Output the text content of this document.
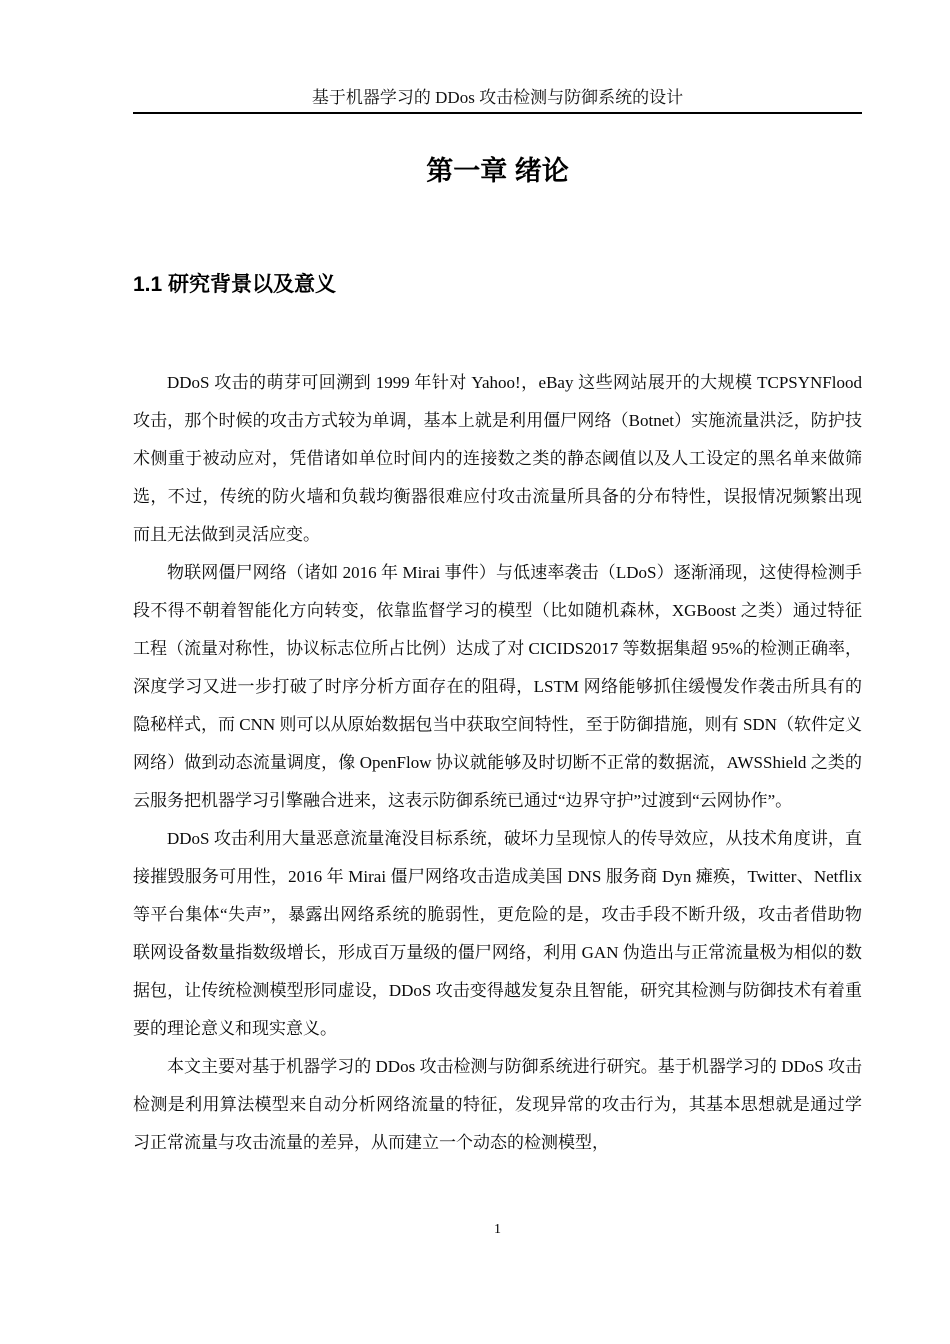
基于机器学习的 DDos 攻击检测与防御系统的设计
第一章 绪论
1.1 研究背景以及意义

DDoS 攻击的萌芽可回溯到 1999 年针对 Yahoo!，eBay 这些网站展开的大规模 TCPSYNFlood 攻击，那个时候的攻击方式较为单调，基本上就是利用僵尸网络（Botnet）实施流量洪泛，防护技术侧重于被动应对，凭借诸如单位时间内的连接数之类的静态阈值以及人工设定的黑名单来做筛选，不过，传统的防火墙和负载均衡器很难应付攻击流量所具备的分布特性，误报情况频繁出现而且无法做到灵活应变。

物联网僵尸网络（诸如 2016 年 Mirai 事件）与低速率袭击（LDoS）逐渐涌现，这使得检测手段不得不朝着智能化方向转变，依靠监督学习的模型（比如随机森林，XGBoost 之类）通过特征工程（流量对称性，协议标志位所占比例）达成了对 CICIDS2017 等数据集超 95%的检测正确率，深度学习又进一步打破了时序分析方面存在的阻碍，LSTM 网络能够抓住缓慢发作袭击所具有的隐秘样式，而 CNN 则可以从原始数据包当中获取空间特性，至于防御措施，则有 SDN（软件定义网络）做到动态流量调度，像 OpenFlow 协议就能够及时切断不正常的数据流，AWSShield 之类的云服务把机器学习引擎融合进来，这表示防御系统已通过“边界守护”过渡到“云网协作”。

DDoS 攻击利用大量恶意流量淹没目标系统，破坏力呈现惊人的传导效应，从技术角度讲，直接摧毁服务可用性，2016 年 Mirai 僵尸网络攻击造成美国 DNS 服务商 Dyn 瘫痪，Twitter、Netflix 等平台集体“失声”，暴露出网络系统的脆弱性，更危险的是，攻击手段不断升级，攻击者借助物联网设备数量指数级增长，形成百万量级的僵尸网络，利用 GAN 伪造出与正常流量极为相似的数据包，让传统检测模型形同虚设，DDoS 攻击变得越发复杂且智能，研究其检测与防御技术有着重要的理论意义和现实意义。

本文主要对基于机器学习的 DDos 攻击检测与防御系统进行研究。基于机器学习的 DDoS 攻击检测是利用算法模型来自动分析网络流量的特征，发现异常的攻击行为，其基本思想就是通过学习正常流量与攻击流量的差异，从而建立一个动态的检测模型，

1
